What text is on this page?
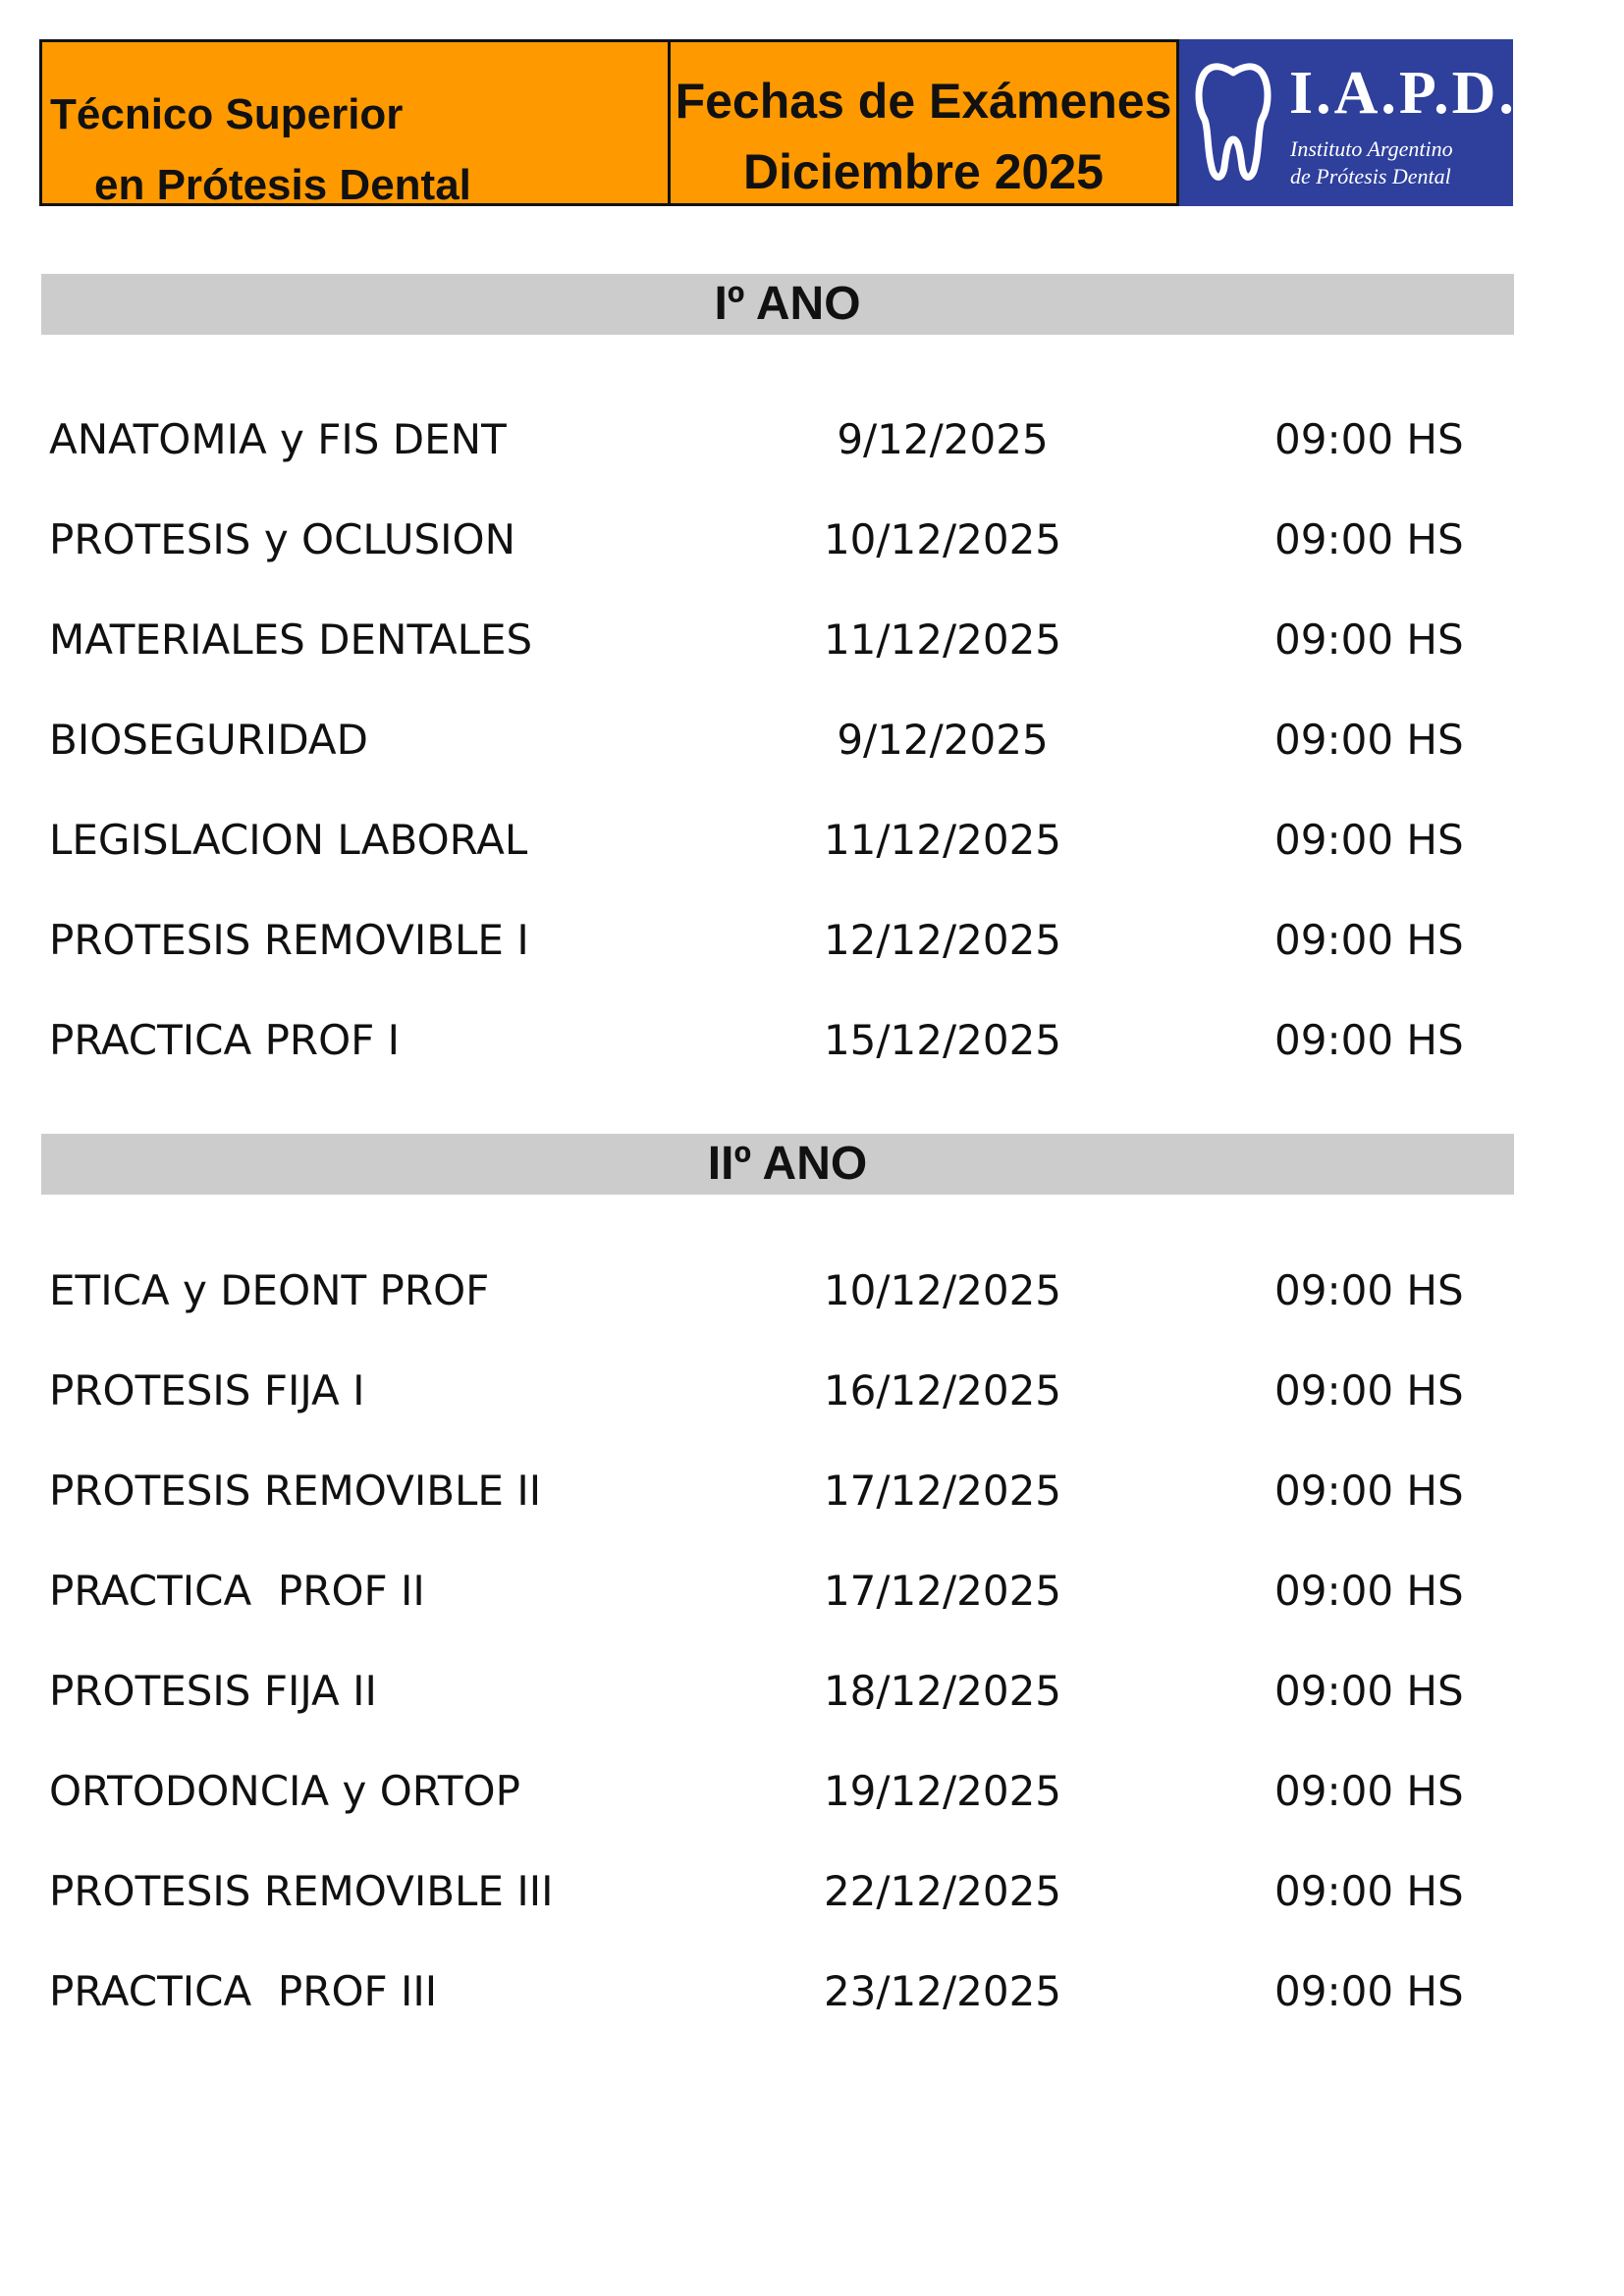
Técnico Superior
en Prótesis Dental
Fechas de Exámenes
Diciembre 2025
I.A.P.D.
Instituto Argentino
de Prótesis Dental
Iº ANO
ANATOMIA y FIS DENT	9/12/2025	09:00 HS
PROTESIS y OCLUSION	10/12/2025	09:00 HS
MATERIALES DENTALES	11/12/2025	09:00 HS
BIOSEGURIDAD	9/12/2025	09:00 HS
LEGISLACION LABORAL	11/12/2025	09:00 HS
PROTESIS REMOVIBLE I	12/12/2025	09:00 HS
PRACTICA PROF I	15/12/2025	09:00 HS
IIº ANO
ETICA y DEONT PROF	10/12/2025	09:00 HS
PROTESIS FIJA I	16/12/2025	09:00 HS
PROTESIS REMOVIBLE II	17/12/2025	09:00 HS
PRACTICA  PROF II	17/12/2025	09:00 HS
PROTESIS FIJA II	18/12/2025	09:00 HS
ORTODONCIA y ORTOP	19/12/2025	09:00 HS
PROTESIS REMOVIBLE III	22/12/2025	09:00 HS
PRACTICA  PROF III	23/12/2025	09:00 HS
